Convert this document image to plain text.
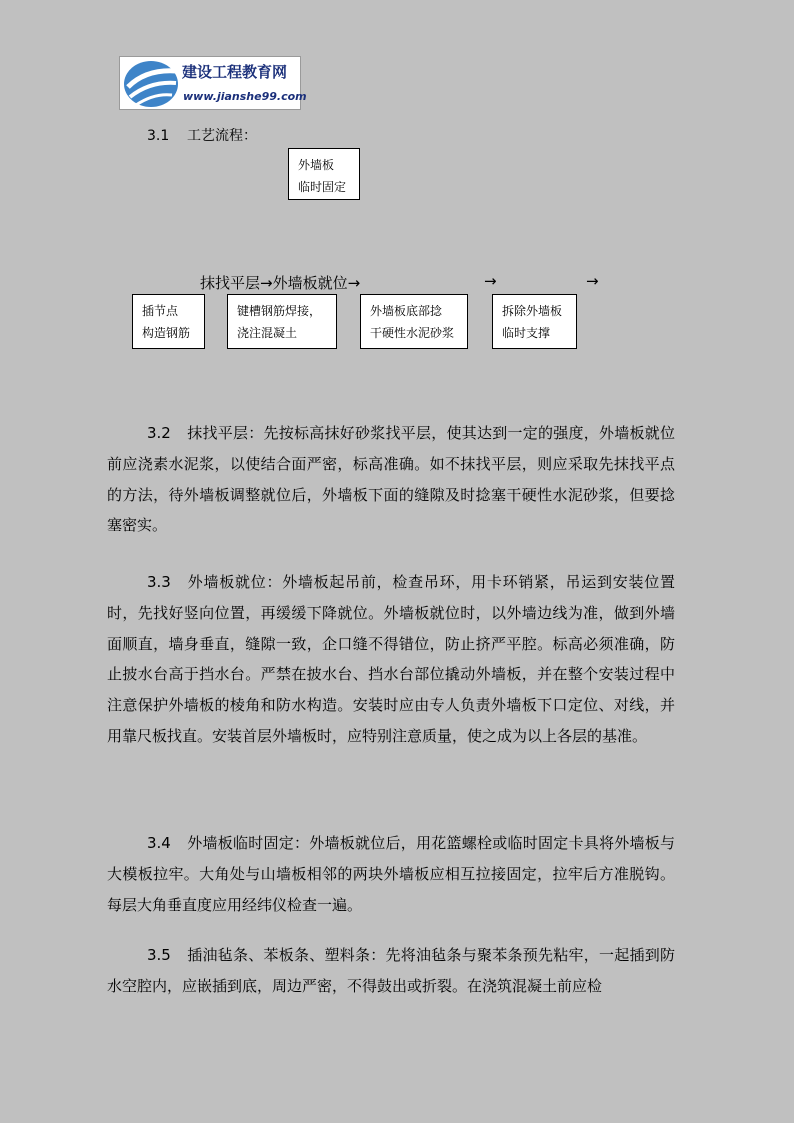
建设工程教育网
www.jianshe99.com
3.1 工艺流程：
外墙板
临时固定
抹找平层→外墙板就位→	→	→
插节点
构造钢筋
键槽钢筋焊接，
浇注混凝土
外墙板底部捻
干硬性水泥砂浆
拆除外墙板
临时支撑

3.2 抹找平层：先按标高抹好砂浆找平层，使其达到一定的强度，外墙板就位前应浇素水泥浆，以使结合面严密，标高准确。如不抹找平层，则应采取先抹找平点的方法，待外墙板调整就位后，外墙板下面的缝隙及时捻塞干硬性水泥砂浆，但要捻塞密实。

3.3 外墙板就位：外墙板起吊前，检查吊环，用卡环销紧，吊运到安装位置时，先找好竖向位置，再缓缓下降就位。外墙板就位时，以外墙边线为准，做到外墙面顺直，墙身垂直，缝隙一致，企口缝不得错位，防止挤严平腔。标高必须准确，防止披水台高于挡水台。严禁在披水台、挡水台部位撬动外墙板，并在整个安装过程中注意保护外墙板的棱角和防水构造。安装时应由专人负责外墙板下口定位、对线，并用靠尺板找直。安装首层外墙板时，应特别注意质量，使之成为以上各层的基准。

3.4 外墙板临时固定：外墙板就位后，用花篮螺栓或临时固定卡具将外墙板与大模板拉牢。大角处与山墙板相邻的两块外墙板应相互拉接固定，拉牢后方准脱钩。每层大角垂直度应用经纬仪检查一遍。

3.5 插油毡条、苯板条、塑料条：先将油毡条与聚苯条预先粘牢，一起插到防水空腔内，应嵌插到底，周边严密，不得鼓出或折裂。在浇筑混凝土前应检
